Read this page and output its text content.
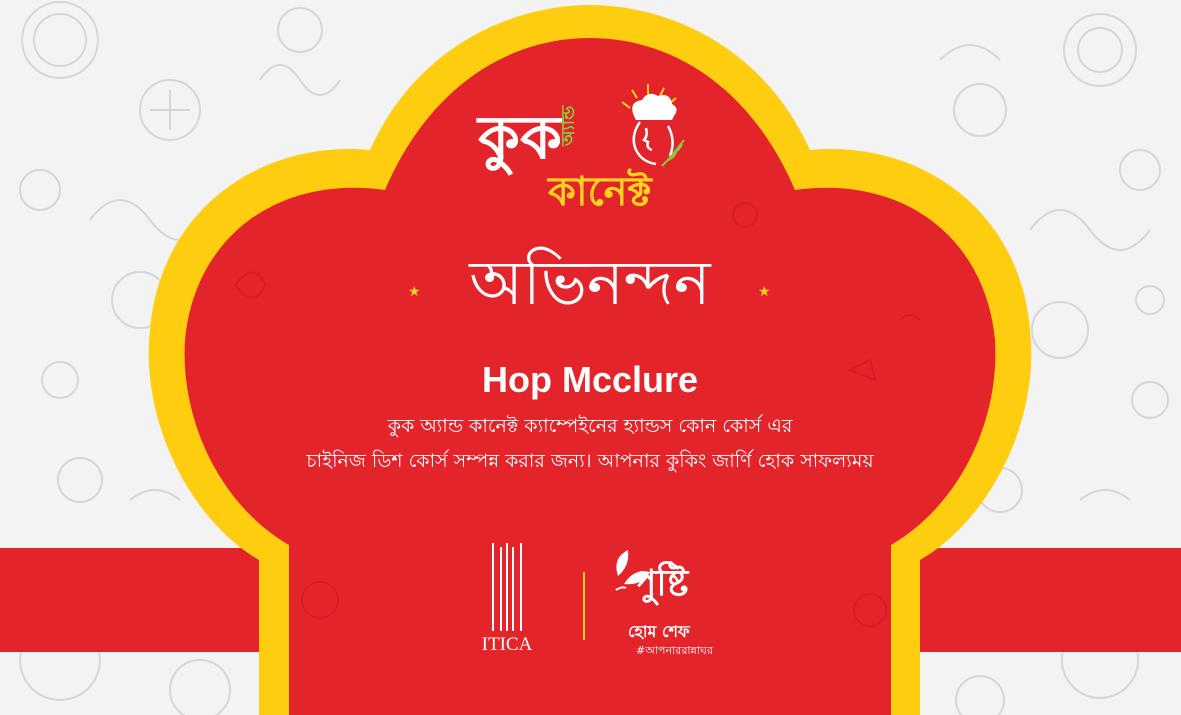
কুক
অ্যান্ড
কানেক্ট
★ অভিনন্দন	★
Hop Mcclure
কুক অ্যান্ড কানেক্ট ক্যাম্পেইনের হ্যান্ডস কোন কোর্স এর
চাইনিজ ডিশ কোর্স সম্পন্ন করার জন্য। আপনার কুকিং জার্ণি হোক সাফল্যময়
ITICA
পুষ্টি
হোম শেফ
#আপনারর‍ান্নাঘর
